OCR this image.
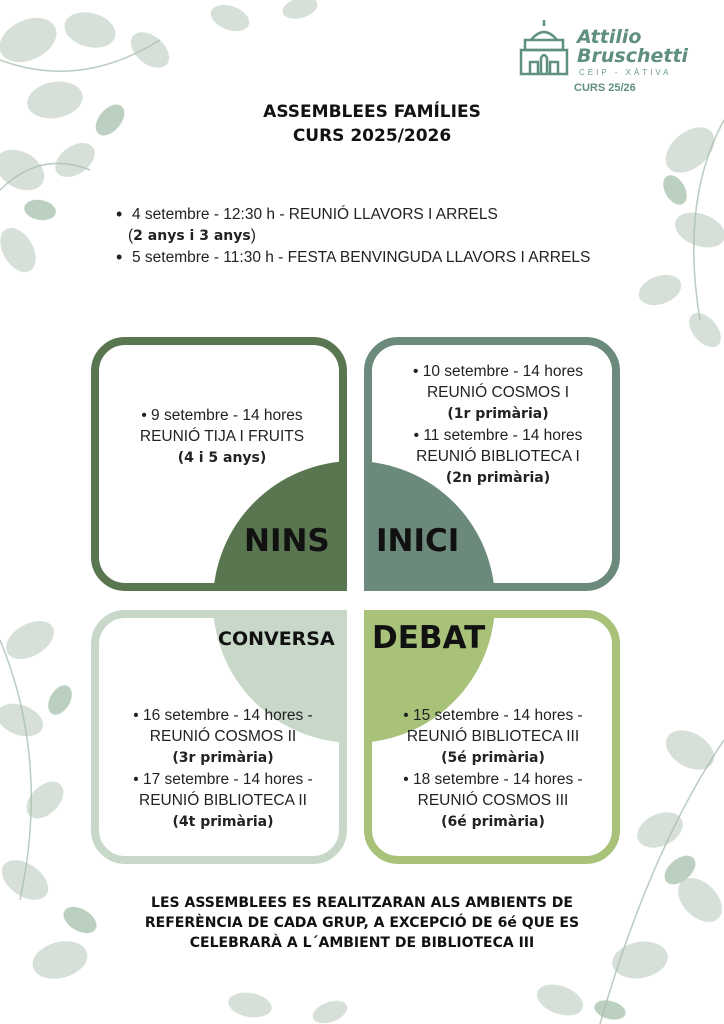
Attilio
Bruschetti
CEIP - XÀTIVA
CURS 25/26
ASSEMBLEES FAMÍLIES
CURS 2025/2026
• 4 setembre - 12:30 h - REUNIÓ LLAVORS I ARRELS
(2 anys i 3 anys)
• 5 setembre - 11:30 h - FESTA BENVINGUDA LLAVORS I ARRELS
NINS INICI
CONVERSA DEBAT
• 9 setembre - 14 hores
REUNIÓ TIJA I FRUITS
(4 i 5 anys)
• 10 setembre - 14 hores
REUNIÓ COSMOS I
(1r primària)
• 11 setembre - 14 hores
REUNIÓ BIBLIOTECA I
(2n primària)
• 16 setembre - 14 hores -
REUNIÓ COSMOS II
(3r primària)
• 17 setembre - 14 hores -
REUNIÓ BIBLIOTECA II
(4t primària)
• 15 setembre - 14 hores -
REUNIÓ BIBLIOTECA III
(5é primària)
• 18 setembre - 14 hores -
REUNIÓ COSMOS III
(6é primària)
LES ASSEMBLEES ES REALITZARAN ALS AMBIENTS DE
REFERÈNCIA DE CADA GRUP, A EXCEPCIÓ DE 6é QUE ES
CELEBRARÀ A L´AMBIENT DE BIBLIOTECA III
